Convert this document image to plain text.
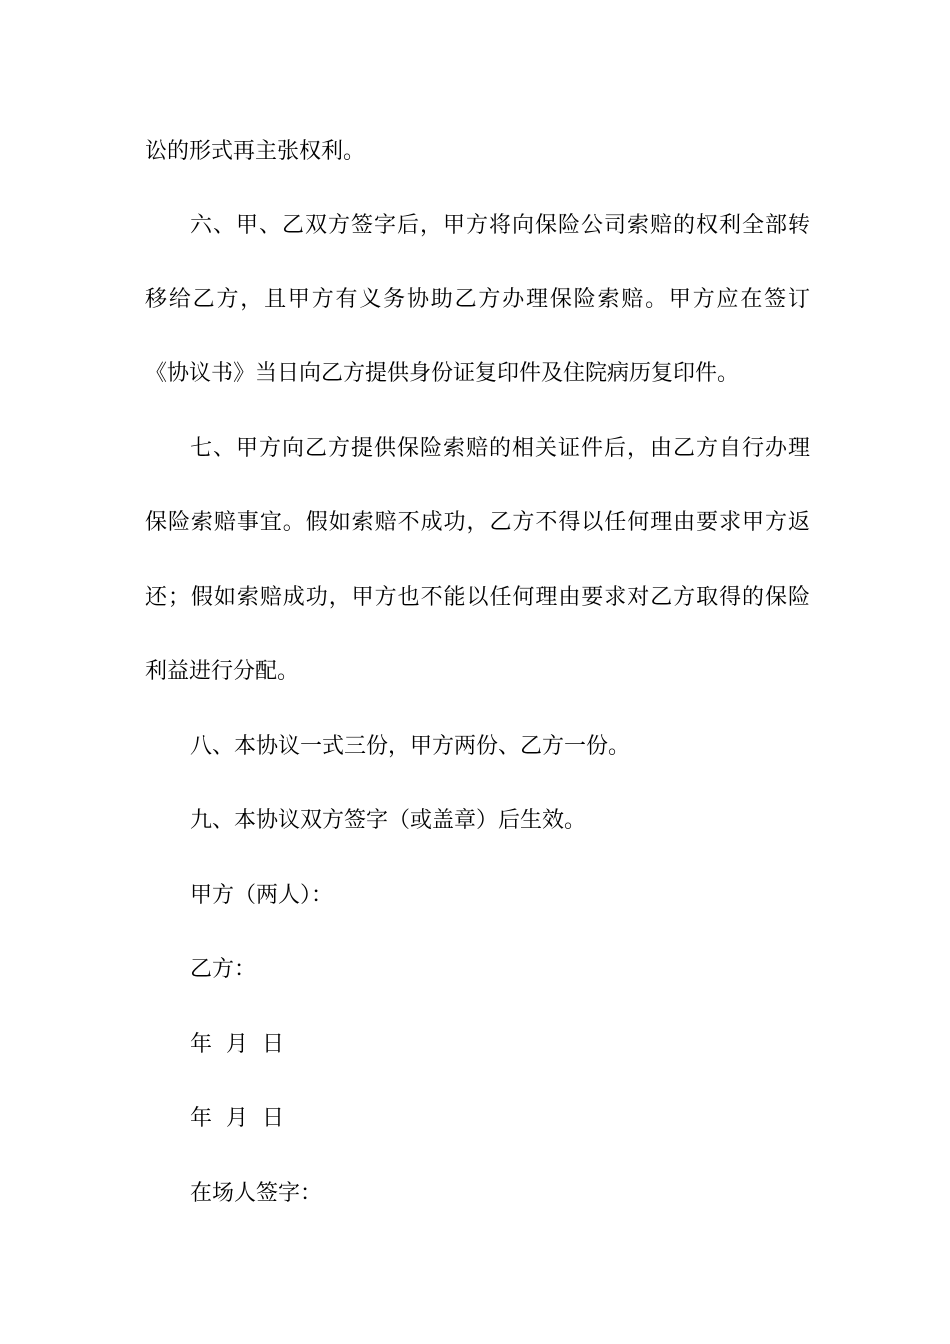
讼的形式再主张权利。
六、甲、乙双方签字后，甲方将向保险公司索赔的权利全部转
移给乙方，且甲方有义务协助乙方办理保险索赔。甲方应在签订
《协议书》当日向乙方提供身份证复印件及住院病历复印件。
七、甲方向乙方提供保险索赔的相关证件后，由乙方自行办理
保险索赔事宜。假如索赔不成功，乙方不得以任何理由要求甲方返
还；假如索赔成功，甲方也不能以任何理由要求对乙方取得的保险
利益进行分配。
八、本协议一式三份，甲方两份、乙方一份。
九、本协议双方签字（或盖章）后生效。
甲方（两人）：
乙方：
年  月  日
年  月  日
在场人签字：
